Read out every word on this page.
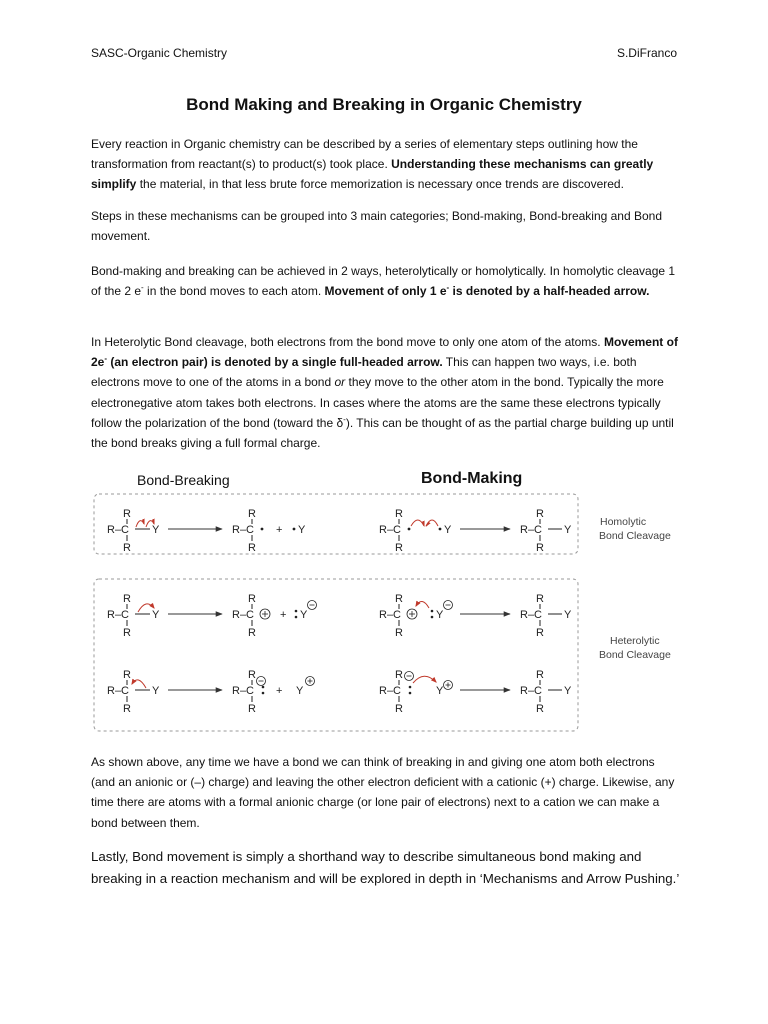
SASC-Organic Chemistry	S.DiFranco
Bond Making and Breaking in Organic Chemistry

Every reaction in Organic chemistry can be described by a series of elementary steps outlining how the transformation from reactant(s) to product(s) took place. Understanding these mechanisms can greatly simplify the material, in that less brute force memorization is necessary once trends are discovered.

Steps in these mechanisms can be grouped into 3 main categories; Bond-making, Bond-breaking and Bond movement.

Bond-making and breaking can be achieved in 2 ways, heterolytically or homolytically. In homolytic cleavage 1 of the 2 e- in the bond moves to each atom. Movement of only 1 e- is denoted by a half-headed arrow.

In Heterolytic Bond cleavage, both electrons from the bond move to only one atom of the atoms. Movement of 2e- (an electron pair) is denoted by a single full-headed arrow. This can happen two ways, i.e. both electrons move to one of the atoms in a bond or they move to the other atom in the bond. Typically the more electronegative atom takes both electrons. In cases where the atoms are the same these electrons typically follow the polarization of the bond (toward the δ-). This can be thought of as the partial charge building up until the bond breaks giving a full formal charge.

Bond-Breaking	Bond-Making
Homolytic
Bond Cleavage
Heterolytic
Bond Cleavage
R
R–C Y
R
R
R–C
R
+ Y
R
R–C
R
Y
R
R–C Y
R
R
R–C Y
R
R
R–C
R
+ Y
R
R–C
R
Y
R
R–C Y
R
R
R–C Y
R
R
R–C
R
+ Y
R
R–C
R
Y
R
R–C Y
R

As shown above, any time we have a bond we can think of breaking in and giving one atom both electrons (and an anionic or (–) charge) and leaving the other electron deficient with a cationic (+) charge. Likewise, any time there are atoms with a formal anionic charge (or lone pair of electrons) next to a cation we can make a bond between them.

Lastly, Bond movement is simply a shorthand way to describe simultaneous bond making and breaking in a reaction mechanism and will be explored in depth in ‘Mechanisms and Arrow Pushing.’
